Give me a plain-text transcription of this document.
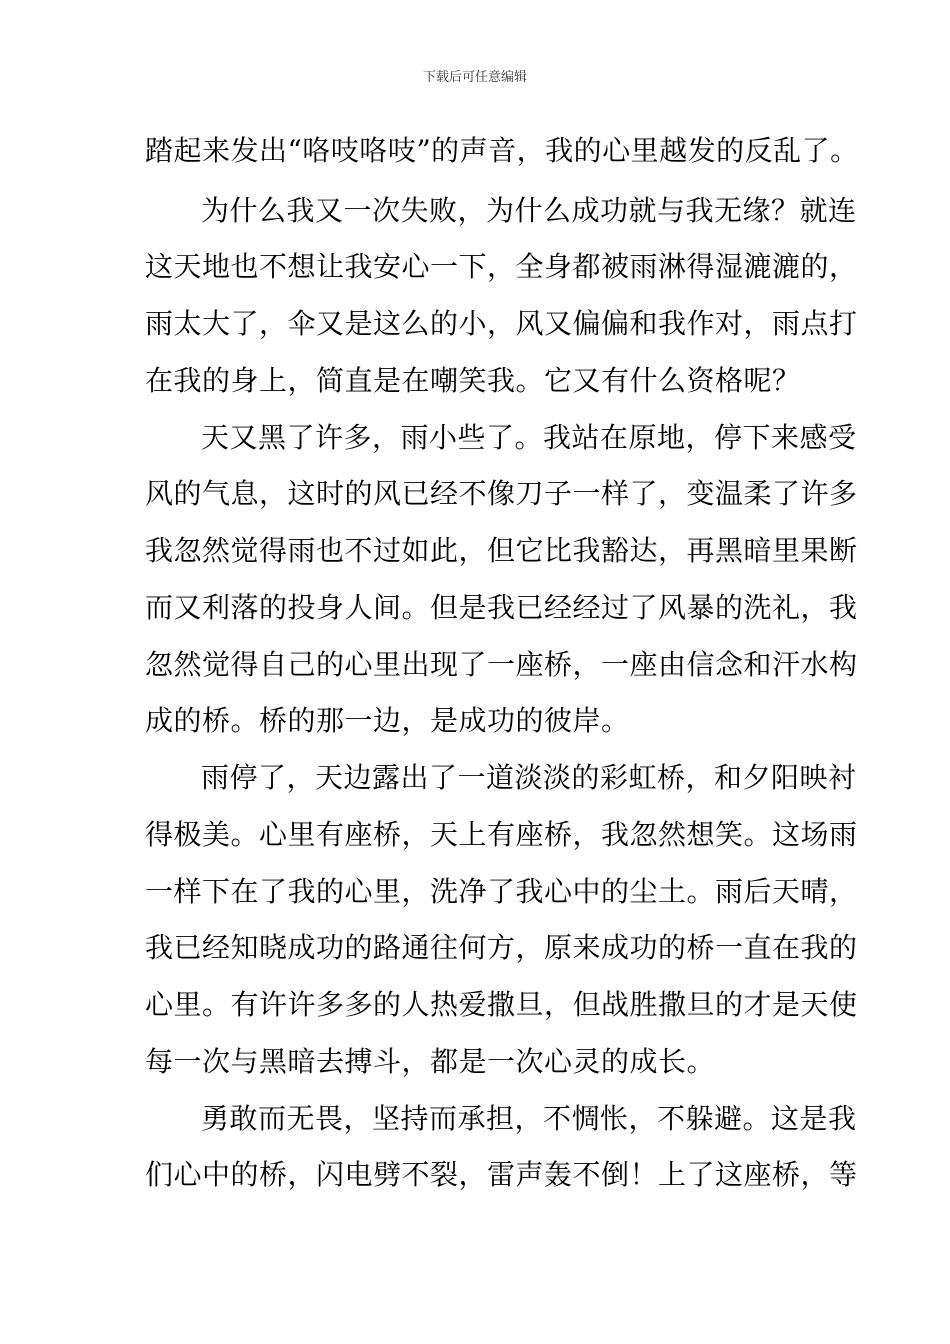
下载后可任意编辑
踏起来发出“咯吱咯吱”的声音，我的心里越发的反乱了。
为什么我又一次失败，为什么成功就与我无缘？就连
这天地也不想让我安心一下，全身都被雨淋得湿漉漉的，
雨太大了，伞又是这么的小，风又偏偏和我作对，雨点打
在我的身上，简直是在嘲笑我。它又有什么资格呢？
天又黑了许多，雨小些了。我站在原地，停下来感受
风的气息，这时的风已经不像刀子一样了，变温柔了许多
我忽然觉得雨也不过如此，但它比我豁达，再黑暗里果断
而又利落的投身人间。但是我已经经过了风暴的洗礼，我
忽然觉得自己的心里出现了一座桥，一座由信念和汗水构
成的桥。桥的那一边，是成功的彼岸。
雨停了，天边露出了一道淡淡的彩虹桥，和夕阳映衬
得极美。心里有座桥，天上有座桥，我忽然想笑。这场雨
一样下在了我的心里，洗净了我心中的尘土。雨后天晴，
我已经知晓成功的路通往何方，原来成功的桥一直在我的
心里。有许许多多的人热爱撒旦，但战胜撒旦的才是天使
每一次与黑暗去搏斗，都是一次心灵的成长。
勇敢而无畏，坚持而承担，不惆怅，不躲避。这是我
们心中的桥，闪电劈不裂，雷声轰不倒！上了这座桥，等
